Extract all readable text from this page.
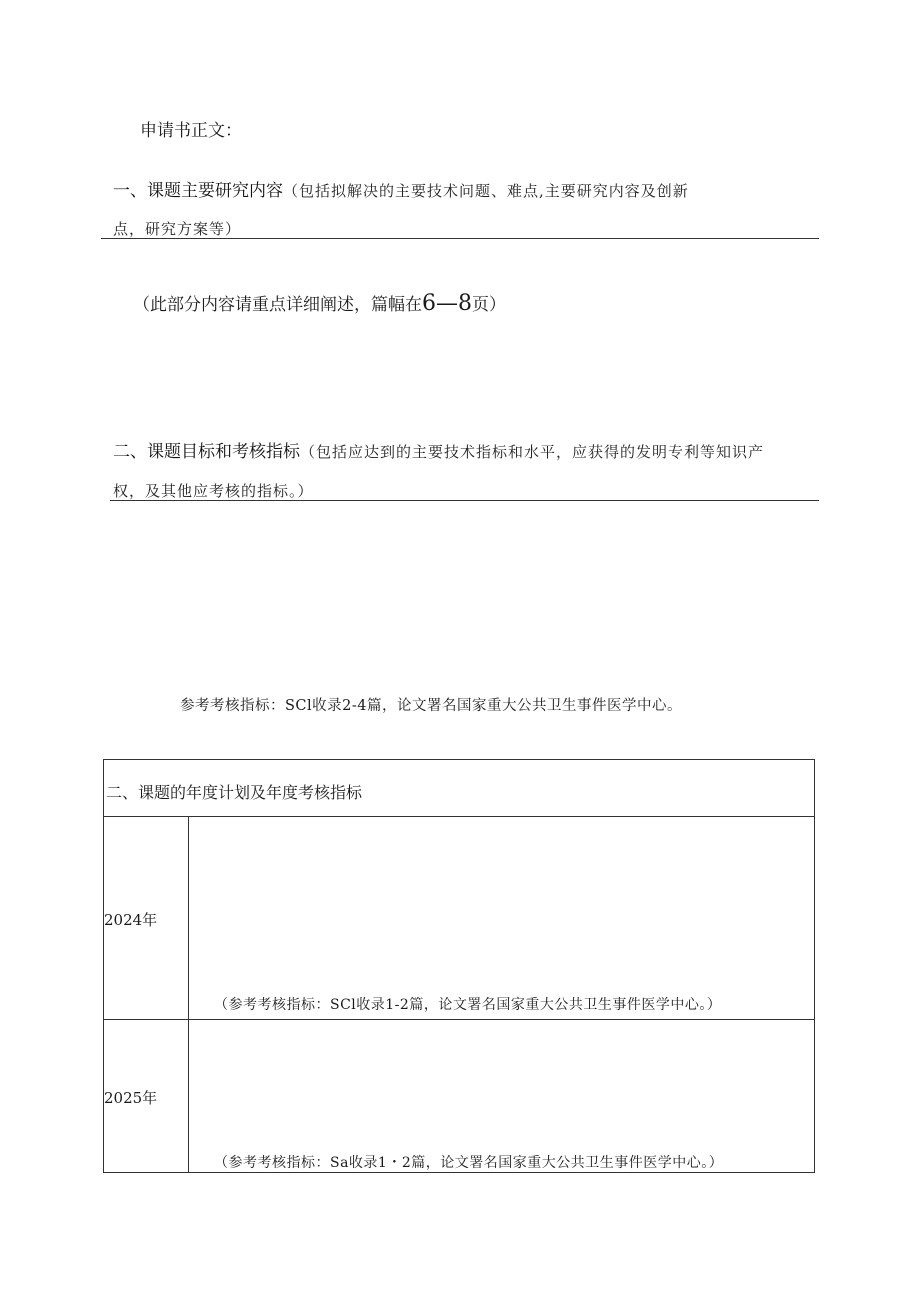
申请书正文：
一、课题主要研究内容（包括拟解决的主要技术问题、难点,主要研究内容及创新
点，研究方案等）
（此部分内容请重点详细阐述，篇幅在6—8页）
二、课题目标和考核指标（包括应达到的主要技术指标和水平，应获得的发明专利等知识产
权，及其他应考核的指标。）
参考考核指标：SCl收录2-4篇，论文署名国家重大公共卫生事件医学中心。
二、课题的年度计划及年度考核指标
2024年
（参考考核指标：SCl收录1-2篇，论文署名国家重大公共卫生事件医学中心。）
2025年
（参考考核指标：Sa收录1・2篇，论文署名国家重大公共卫生事件医学中心。）
